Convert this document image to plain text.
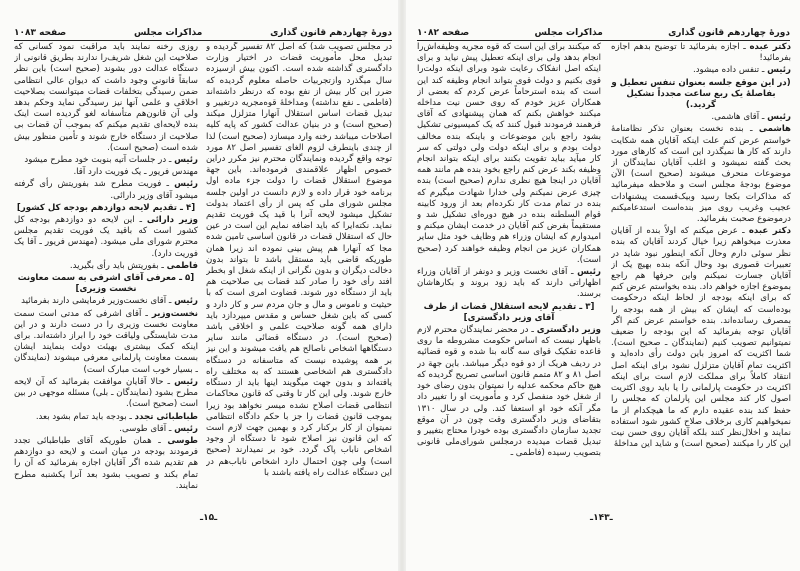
دورهٔ چهاردهم قانون گذاری
مذاکرات مجلس
صفحه ۱۰۸۳

در مجلس تصویب شد) که اصل ۸۲ تفسیر گردیده و تبدیل محل مأموریت قضات در اختیار وزارت دادگستری گذاشته شده است. اکنون بیش ازسیزده سال میگذرد وازتجربیات حاصله معلوم گردیده که ضرر این کار بیش از نفع بوده که درنظر داشته‌اند (فاطمی ـ نفع نداشته) ومداخلهٔ قوه‌مجریه درتغییر و تبدیل قضات اساس استقلال آنهارا متزلزل میکند (صحیح است) و در بنیان عدالت کشور که پایه کلیه اصلاحات میباشد رخنه وارد میسازد (صحیح است) لذا از چندی باینطرف لزوم الغای تفسیر اصل ۸۲ مورد توجه واقع گردیده ونمایندگان محترم نیز مکرر دراین خصوص اظهار علاقمندی فرموده‌اند. باین جهة موضوع استقلال قضات را دولت جزء ماده اول برنامه خود قرار داده و لازم دانست در اولین جلسه مجلس شورای ملی که پس از رأی اعتماد بدولت تشکیل میشود لایحه آنرا با قید یک فوریت تقدیم نماید. نکته‌ایرا که باید اضافه نمایم این است در عین حال که استقلال قضات در قانون اساسی تامین شده مجا که آنهارا هم پیش بینی نموده اند زیرا همان طوریکه قاضی باید مستقل باشد تا بتواند بدون دخالت دیگران و بدون نگرانی از اینکه شغل او بخطر افتد رأی خود را صادر کند قضات بی صلاحیت هم باید از دستگاه دور شوند. قضاوت امری است که با حیثیت و ناموس و مال و جان مردم سر و کار دارد و کسی که باین شغل حساس و مقدس میپردازد باید دارای همه گونه صلاحیت علمی و اخلاقی باشد (صحیح است). در دستگاه قضائی مانند سایر دستگاهها اشخاص ناصالح هم یافت میشوند و این نیز بر همه پوشیده نیست که متاسفانه در دستگاه دادگستری هم اشخاصی هستند که به مختلف راه یافته‌اند و بدون جهت میگویند اینها باید از دستگاه خارج شوند. ولی این کار تا وقتی که قانون محاکمات انتظامی قضات اصلاح نشده میسر نخواهد بود زیرا بموجب قانون قضات را جز با حکم دادگاه انتظامی نمیتوان از کار برکنار کرد و بهمین جهت لازم است که این قانون نیز اصلاح شود تا دستگاه از وجود اشخاص ناباب پاک گردد. خود بر نمیدارند (صحیح است) ولی چون احتمال دارد اشخاص ناباب‌هم در این دستگاه عدالت راه یافته باشند با

روزی رخنه نمایند باید مراقبت نمود کسانی که صلاحیت این شغل شریف‌را ندارند بطریق قانونی از دستگاه عدالت دور بشوند (صحیح است) باین نظر سابقاً قانونی وجود داشت که دیوان عالی انتظامی ضمن رسیدگی بتخلفات قضات میتوانست بصلاحیت اخلاقی و علمی آنها نیز رسیدگی نماید وحکم بدهد ولی آن قانون‌هم متأسفانه لغو گردیده است اینک بنده لایحه‌ای تقدیم میکنم که بموجب آن قضات بی صلاحیت از دستگاه خارج شوند و تأمین منظور بیش شده است (صحیح است).

رئیس ـ در جلسات آتیه بنوبت خود مطرح میشود

مهندس فریور ـ یک فوریت دارد آقا.

رئیس ـ فوریت مطرح شد بفوریتش رأی گرفته میشود آقای وزیر دارائی.

[۴ ـ تقدیم لایحه دوازدهم بودجه کل کشور]

وزیر دارائی ـ این لایحه دو دوازدهم بودجه کل کشور است که باقید یک فوریت تقدیم مجلس محترم شورای ملی میشود. (مهندس فریور ـ آقا یک فوریت دارد).

فاطمی ـ بفوریتش باید رأی بگیرید.

[۵ ـ معرفی آقای اشرفی به سمت معاونت نخست وزیری]

رئیس ـ آقای نخست‌وزیر فرمایشی دارند بفرمائید

نخست‌وزیر ـ آقای اشرفی که مدتی است سمت معاونت نخست وزیری را در دست دارند و در این مدت شایستگی ولیاقت خود را ابراز داشته‌اند. برای اینکه کمک بیشتری بهیئت دولت بنمایند ایشان بسمت معاونت پارلمانی معرفی میشوند (نمایندگان ـ بسیار خوب است مبارک است)

رئیس ـ حالا آقایان موافقت بفرمائید که آن لایحه مطرح بشود (نمایندگان ـ بلی) مسئله موجهی در بین است (صحیح است).

طباطبائی تجدد ـ بودجه باید تمام بشود بعد.

رئیس ـ آقای طوسی.

طوسی ـ همان طوریکه آقای طباطبائی تجدد فرمودند بودجه در میان است و لایحه دو دوازدهم هم تقدیم شده اگر آقایان اجازه بفرمائید که آن را تمام بکند و تصویب بشود بعد آنرا یکشنبه مطرح نمایند.

ـ۱۵ـ
دورهٔ چهاردهم قانون گذاری
مذاکرات مجلس
صفحه ۱۰۸۲

دکتر عبده ـ اجازه بفرمائید تا توضیح بدهم اجازه بفرمائید!

رئیس ـ تنفس داده میشود.

(در این موقع جلسه بعنوان تنفس تعطیل و بفاصلهٔ یک ربع ساعت مجدداً تشکیل گردید.)

رئیس ـ آقای هاشمی.

هاشمی ـ بنده نخست بعنوان تذکر نظامنامهٔ خواستم عرض کنم علت اینکه آقایان همه شکایت دارند که کار ها نمیگذرد این است که کارهای مورد بحث گفته نمیشود و اغلب آقایان نمایندگان از موضوعات منحرف میشوند (صحیح است) الآن موضوع بودجهٔ مجلس است و ملاحظه میفرمائید که مذاکرات بکجا رسید وبیک‌قسمت پیشنهادات عجیب وغریب روی میز بنده‌است استدعامیکنم درموضوع صحبت بفرمائید.

دکتر عبده ـ عرض میکنم که اولاً بنده از آقایان معذرت میخواهم زیرا خیال کردند آقایان که بنده نظر سوئی دارم وحال آنکه اینطور نبود شاید در تعبیرات قصوری بود وحال آنکه بنده بهیچ یک از آقایان جسارت نمیکنم واین حرفها هم راجع بموضوع اجازه خواهم داد. بنده بخواستم عرض کنم که برای اینکه بودجه از لحاظ اینکه درحکومت بوده‌است که ایشان که بیش از همه بودجه را بمصرف رسانده‌اند. بنده خواستم عرض کنم اگر آقایان توجه بفرمائید که این بودجه را ضعیف نمیتوانیم تصویب کنیم (نمایندگان ـ صحیح است). شما اکثریت که امروز باین دولت رأی داده‌اید و اکثریت تمام آقایان متزلزل نشود برای اینکه اصل انتقاد کاملاً برای مملکت لازم است برای اینکه اکثریت در حکومت پارلمانی را یا باید روی اکثریت اصول کار کند مجلس این پارلمان که مجلس را حفظ کند بنده عقیده دارم که ما هیچکدام از ما نمیخواهیم کاری برخلاف صلاح کشور شود استفاده نمایند و اخلال‌نظر کنند بلکه آقایان روی حسن نیت این کار را میکنند (صحیح است) و شاید این مداخلهٔ

که میکنند برای این است که قوه مجریه وظیفه‌اش‌را انجام بدهد ولی برای اینکه تعطیل پیش نیاید و برای اینکه اصل انفکاک رعایت شود وبرای اینکه دولت‌را قوی بکنیم و دولت قوی بتواند انجام وظیفه کند این است که بنده استرحاماً عرض کردم که بعضی از همکاران عزیز خودم که روی حسن نیت مداخله میکنند خواهش بکنم که همان پیشنهادی که آقای فرهمند فرمودند قبول کنند که یک کمیسیونی تشکیل بشود راجع باین موضوعات و باینکه بنده مخالف دولت بودم و برای اینکه دولت ولی دولتی که سر کار میآید بباید تقویت بکنند برای اینکه بتواند انجام وظیفه بکند عرض کنم راجع بخود بنده هم مانند همه آقایان در اینجا هیچ نظری ندارم (صحیح است) بنده چیزی عرض نمیکنم ولی خدارا شهادت میگیرم که بنده در تمام مدت کار نکرده‌ام بعد از ورود کابینه قوام السلطنه بنده در هیچ دوره‌ای تشکیل شد و مستقیماً بفرض کنم آقایان در خدمت ایشان میکنم و امیدوارم که ایشان وزراء هم وظایف خود مثل سایر همکاران عزیز من انجام وظیفه خواهند کرد (صحیح است).

رئیس ـ آقای نخست وزیر و دونفر از آقایان وزراء اظهاراتی دارند که باید زود بروند و بکارهاشان برسند.

[۳ ـ تقدیم لایحه استقلال قضات از طرف آقای وزیر دادگستری]

وزیر دادگستری ـ در محضر نمایندگان محترم لازم باظهار نیست که اساس حکومت مشروطه ما روی قاعده تفکیک قوای سه گانه بنا شده و قوه قضائیه در ردیف هریک از دو قوه دیگر میباشد. باین جهة در اصل ۸۱ و ۸۲ متمم قانون اساسی تصریح گردیده که هیچ حاکم محکمه عدلیه را نمیتوان بدون رضای خود از شغل خود منفصل کرد و مأموریت او را تغییر داد مگر آنکه خود او استعفا کند. ولی در سال ۱۳۱۰ بتقاضای وزیر دادگستری وقت چون در آن موقع تجدید سازمان دادگستری بوده خودرا محتاج بتغییر و تبدیل قضات میدیده درمجلس شورای‌ملی قانونی بتصویب رسیده (فاطمی ـ

ـ۱۴۳ـ
